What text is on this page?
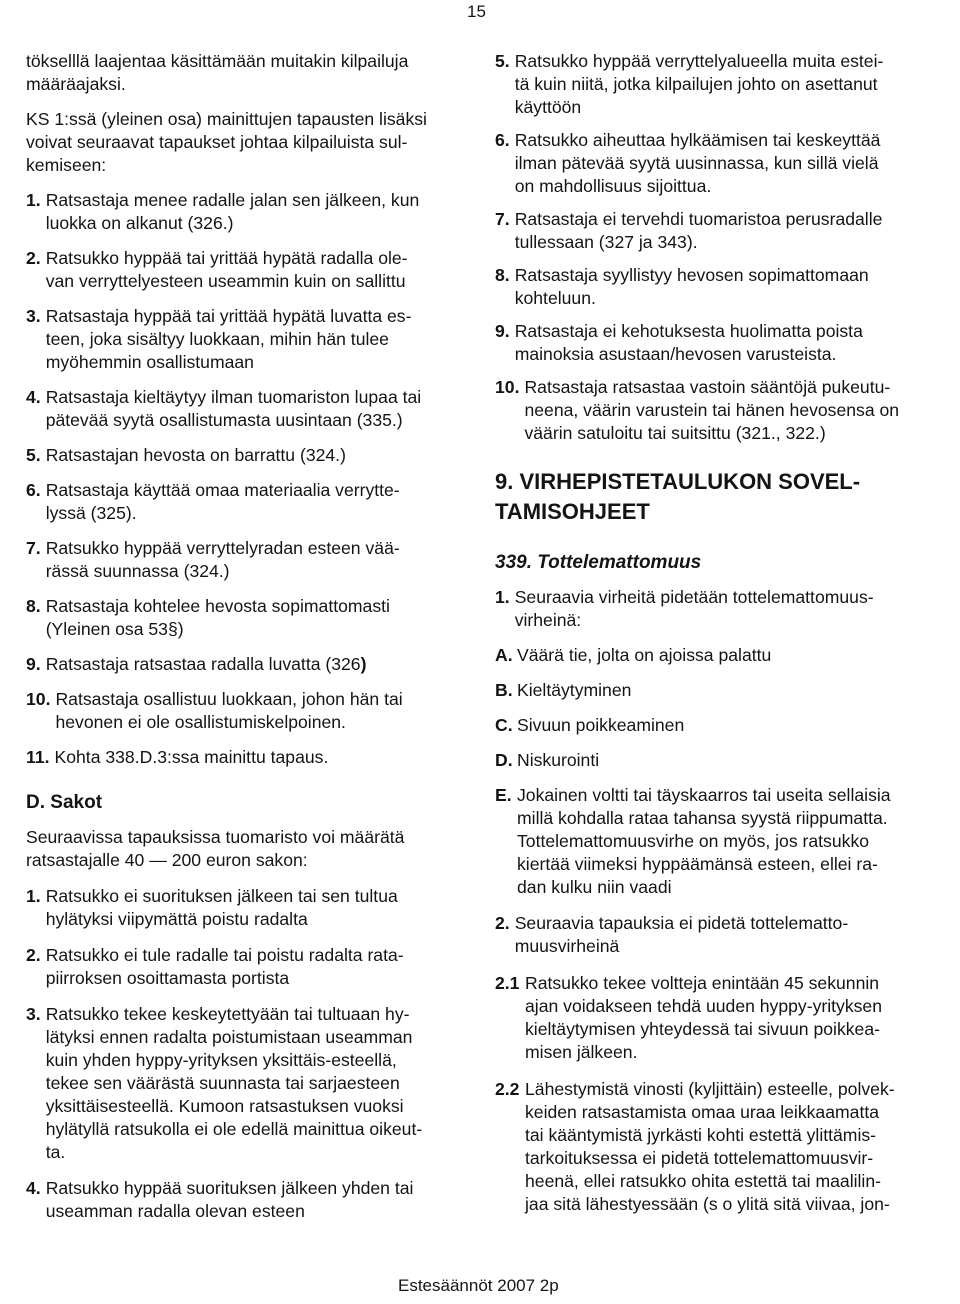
15
tökselllä laajentaa käsittämään muitakin kilpailuja
määräajaksi.
KS 1:ssä (yleinen osa) mainittujen tapausten lisäksi
voivat seuraavat tapaukset johtaa kilpailuista sul-
kemiseen:
1. Ratsastaja menee radalle jalan sen jälkeen, kun
luokka on alkanut (326.)
2. Ratsukko hyppää tai yrittää hypätä radalla ole-
van verryttelyesteen useammin kuin on sallittu
3. Ratsastaja hyppää tai yrittää hypätä luvatta es-
teen, joka sisältyy luokkaan, mihin hän tulee
myöhemmin osallistumaan
4. Ratsastaja kieltäytyy ilman tuomariston lupaa tai
pätevää syytä osallistumasta uusintaan (335.)
5. Ratsastajan hevosta on barrattu (324.)
6. Ratsastaja käyttää omaa materiaalia verrytte-
lyssä (325).
7. Ratsukko hyppää verryttelyradan esteen vää-
rässä suunnassa (324.)
8. Ratsastaja kohtelee hevosta sopimattomasti
(Yleinen osa 53§)
9. Ratsastaja ratsastaa radalla luvatta (326)
10. Ratsastaja osallistuu luokkaan, johon hän tai
hevonen ei ole osallistumiskelpoinen.
11. Kohta 338.D.3:ssa mainittu tapaus.
D. Sakot
Seuraavissa tapauksissa tuomaristo voi määrätä
ratsastajalle 40 — 200 euron sakon:
1. Ratsukko ei suorituksen jälkeen tai sen tultua
hylätyksi viipymättä poistu radalta
2. Ratsukko ei tule radalle tai poistu radalta rata-
piirroksen osoittamasta portista
3. Ratsukko tekee keskeytettyään tai tultuaan hy-
lätyksi ennen radalta poistumistaan useamman
kuin yhden hyppy-yrityksen yksittäis-esteellä,
tekee sen väärästä suunnasta tai sarjaesteen
yksittäisesteellä. Kumoon ratsastuksen vuoksi
hylätyllä ratsukolla ei ole edellä mainittua oikeut-
ta.
4. Ratsukko hyppää suorituksen jälkeen yhden tai
useamman radalla olevan esteen
5. Ratsukko hyppää verryttelyalueella muita estei-
tä kuin niitä, jotka kilpailujen johto on asettanut
käyttöön
6. Ratsukko aiheuttaa hylkäämisen tai keskeyttää
ilman pätevää syytä uusinnassa, kun sillä vielä
on mahdollisuus sijoittua.
7. Ratsastaja ei tervehdi tuomaristoa perusradalle
tullessaan (327 ja 343).
8. Ratsastaja syyllistyy hevosen sopimattomaan
kohteluun.
9. Ratsastaja ei kehotuksesta huolimatta poista
mainoksia asustaan/hevosen varusteista.
10. Ratsastaja ratsastaa vastoin sääntöjä pukeutu-
neena, väärin varustein tai hänen hevosensa on
väärin satuloitu tai suitsittu (321., 322.)
9. VIRHEPISTETAULUKON SOVEL-
TAMISOHJEET
339. Tottelemattomuus
1. Seuraavia virheitä pidetään tottelemattomuus-
virheinä:
A. Väärä tie, jolta on ajoissa palattu
B. Kieltäytyminen
C. Sivuun poikkeaminen
D. Niskurointi
E. Jokainen voltti tai täyskaarros tai useita sellaisia
millä kohdalla rataa tahansa syystä riippumatta.
Tottelemattomuusvirhe on myös, jos ratsukko
kiertää viimeksi hyppäämänsä esteen, ellei ra-
dan kulku niin vaadi
2. Seuraavia tapauksia ei pidetä tottelematto-
muusvirheinä
2.1 Ratsukko tekee voltteja enintään 45 sekunnin
ajan voidakseen tehdä uuden hyppy-yrityksen
kieltäytymisen yhteydessä tai sivuun poikkea-
misen jälkeen.
2.2 Lähestymistä vinosti (kyljittäin) esteelle, polvek-
keiden ratsastamista omaa uraa leikkaamatta
tai kääntymistä jyrkästi kohti estettä ylittämis-
tarkoituksessa ei pidetä tottelemattomuusvir-
heenä, ellei ratsukko ohita estettä tai maalilin-
jaa sitä lähestyessään (s o ylitä sitä viivaa, jon-
Estesäännöt 2007 2p
